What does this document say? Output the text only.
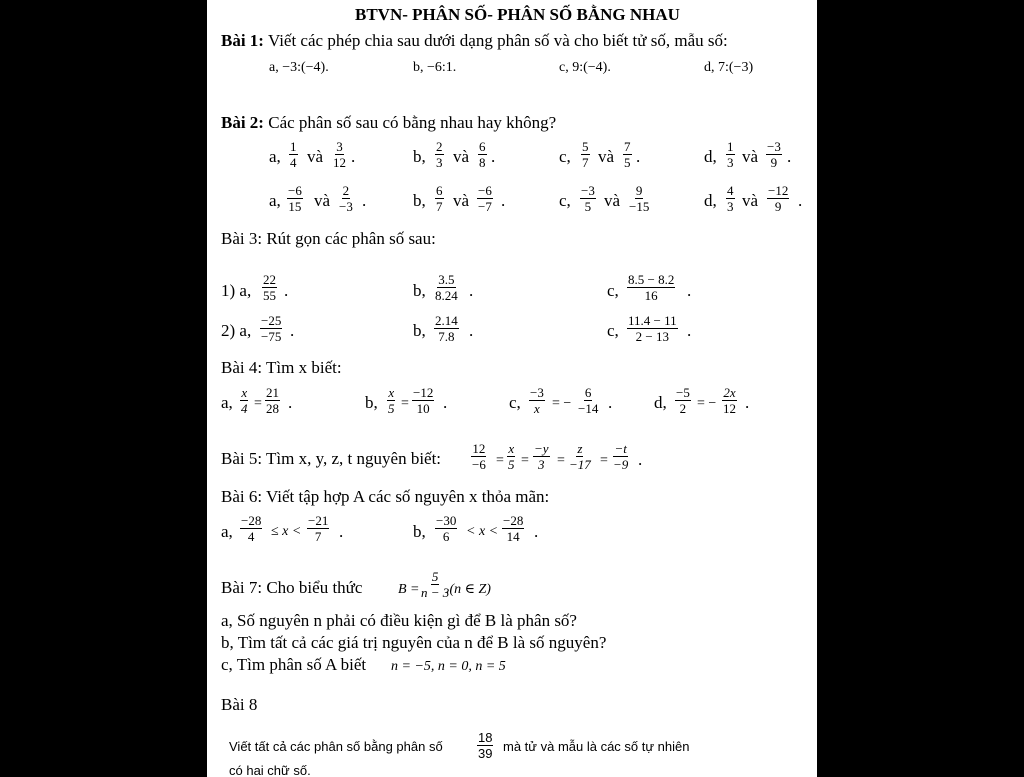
BTVN- PHÂN SỐ- PHÂN SỐ BẰNG NHAU
Bài 1: Viết các phép chia sau dưới dạng phân số và cho biết tử số, mẫu số:
a, −3:(−4).	b, −6:1.	c, 9:(−4).	d, 7:(−3)
Bài 2: Các phân số sau có bằng nhau hay không?
a, $\frac{1}{4}$ và $\frac{3}{12}$ .	b, $\frac{2}{3}$ và $\frac{6}{8}$ .	c, $\frac{5}{7}$ và $\frac{7}{5}$ .	d, $\frac{1}{3}$ và $\frac{-3}{9}$ .
a, $\frac{-6}{15}$ và $\frac{2}{-3}$ .	b, $\frac{6}{7}$ và $\frac{-6}{-7}$ .	c, $\frac{-3}{5}$ và $\frac{9}{-15}$	d, $\frac{4}{3}$ và $\frac{-12}{9}$ .
Bài 3: Rút gọn các phân số sau:
1) a, $\frac{22}{55}$ .	b, $\frac{3.5}{8.24}$ .	c, $\frac{8.5 - 8.2}{16}$ .
2) a, $\frac{-25}{-75}$ .	b, $\frac{2.14}{7.8}$ .	c, $\frac{11.4 - 11}{2 - 13}$ .
Bài 4: Tìm x biết:
a, $\frac{x}{4} = \frac{21}{28}$ .	b, $\frac{x}{5} = \frac{-12}{10}$ .	c, $\frac{-3}{x}$ = − $\frac{6}{-14}$ . d, $\frac{-5}{2}$ = − $\frac{2x}{12}$ .
Bài 5: Tìm x, y, z, t nguyên biết: $\frac{12}{-6} = \frac{x}{5} = \frac{-y}{3} = \frac{z}{-17} = \frac{-t}{-9}$ .
Bài 6: Viết tập hợp A các số nguyên x thỏa mãn:
a, $\frac{-28}{4} \le x < \frac{-21}{7}$ .	b, $\frac{-30}{6} < x < \frac{-28}{14}$ .
Bài 7: Cho biểu thức	$B = \frac{5}{n - 3}$
.(n ∈ Z)
a, Số nguyên n phải có điều kiện gì để B là phân số?
b, Tìm tất cả các giá trị nguyên của n để B là số nguyên?
c, Tìm phân số A biết n = −5, n = 0, n = 5
Bài 8
Viết tất cả các phân số bằng phân số	$\frac{18}{39}$ mà tử và mẫu là các số tự nhiên
có hai chữ số.
